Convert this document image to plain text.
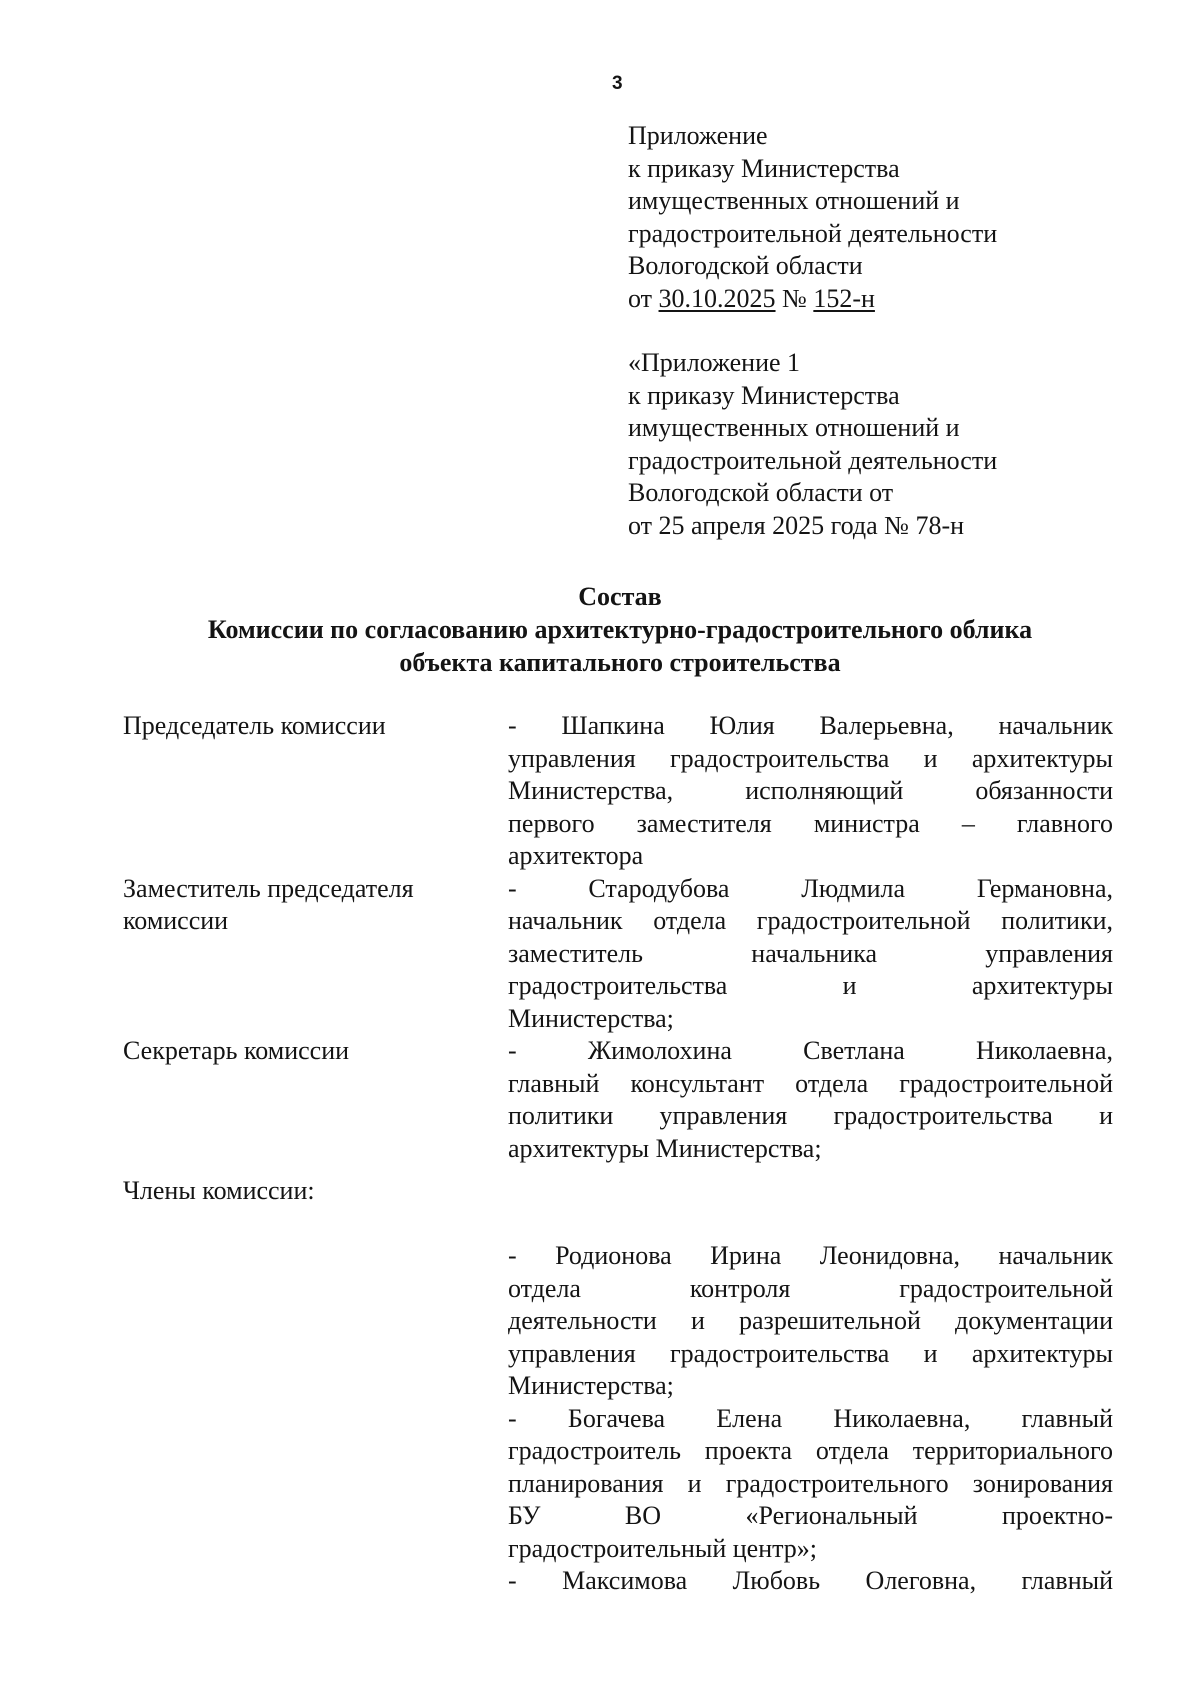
3
Приложение
к приказу Министерства
имущественных отношений и
градостроительной деятельности
Вологодской области
от 30.10.2025 № 152-н
«Приложение 1
к приказу Министерства
имущественных отношений и
градостроительной деятельности
Вологодской области от
от 25 апреля 2025 года № 78-н
Состав
Комиссии по согласованию архитектурно-градостроительного облика
объекта капитального строительства
Председатель комиссии	- Шапкина Юлия Валерьевна, начальник
управления градостроительства и архитектуры
Министерства, исполняющий обязанности
первого заместителя министра – главного
архитектора
Заместитель председателя
комиссии
- Стародубова Людмила Германовна,
начальник отдела градостроительной политики,
заместитель начальника управления
градостроительства и архитектуры
Министерства;
Секретарь комиссии	- Жимолохина Светлана Николаевна,
главный консультант отдела градостроительной
политики управления градостроительства и
архитектуры Министерства;
Члены комиссии:
- Родионова Ирина Леонидовна, начальник
отдела контроля градостроительной
деятельности и разрешительной документации
управления градостроительства и архитектуры
Министерства;
- Богачева Елена Николаевна, главный
градостроитель проекта отдела территориального
планирования и градостроительного зонирования
БУ ВО «Региональный проектно-
градостроительный центр»;
- Максимова Любовь Олеговна, главный
